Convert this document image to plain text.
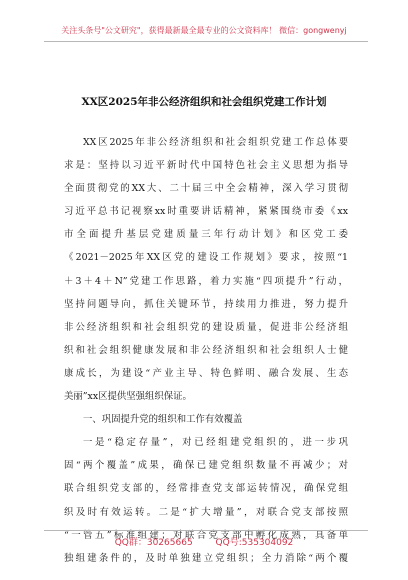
关注头条号"公文研究"，获得最新最全最专业的公文资料库！ 微信：gongwenyj
XX区2025年非公经济组织和社会组织党建工作计划
XX区2025年非公经济组织和社会组织党建工作总体要
求是：坚持以习近平新时代中国特色社会主义思想为指导
全面贯彻党的XX大、二十届三中全会精神，深入学习贯彻
习近平总书记视察xx时重要讲话精神，紧紧围绕市委《xx
市全面提升基层党建质量三年行动计划》和区党工委
《2021－2025年XX区党的建设工作规划》要求，按照“1
＋3＋4＋N”党建工作思路，着力实施“四项提升”行动，
坚持问题导向，抓住关键环节，持续用力推进，努力提升
非公经济组织和社会组织党的建设质量，促进非公经济组
织和社会组织健康发展和非公经济组织和社会组织人士健
康成长，为建设“产业主导、特色鲜明、融合发展、生态
美丽”xx区提供坚强组织保证。
一、巩固提升党的组织和工作有效覆盖
一是“稳定存量”，对已经组建党组织的，进一步巩
固“两个覆盖”成果，确保已建党组织数量不再减少；对
联合组织党支部的，经常排查党支部运转情况，确保党组
织及时有效运转。二是“扩大增量”，对联合党支部按照
“一管五”标准组建；对联合党支部中孵化成熟，具备单
独组建条件的，及时单独建立党组织；全力消除“两个覆
QQ群：30265665	QQ号:535304092
